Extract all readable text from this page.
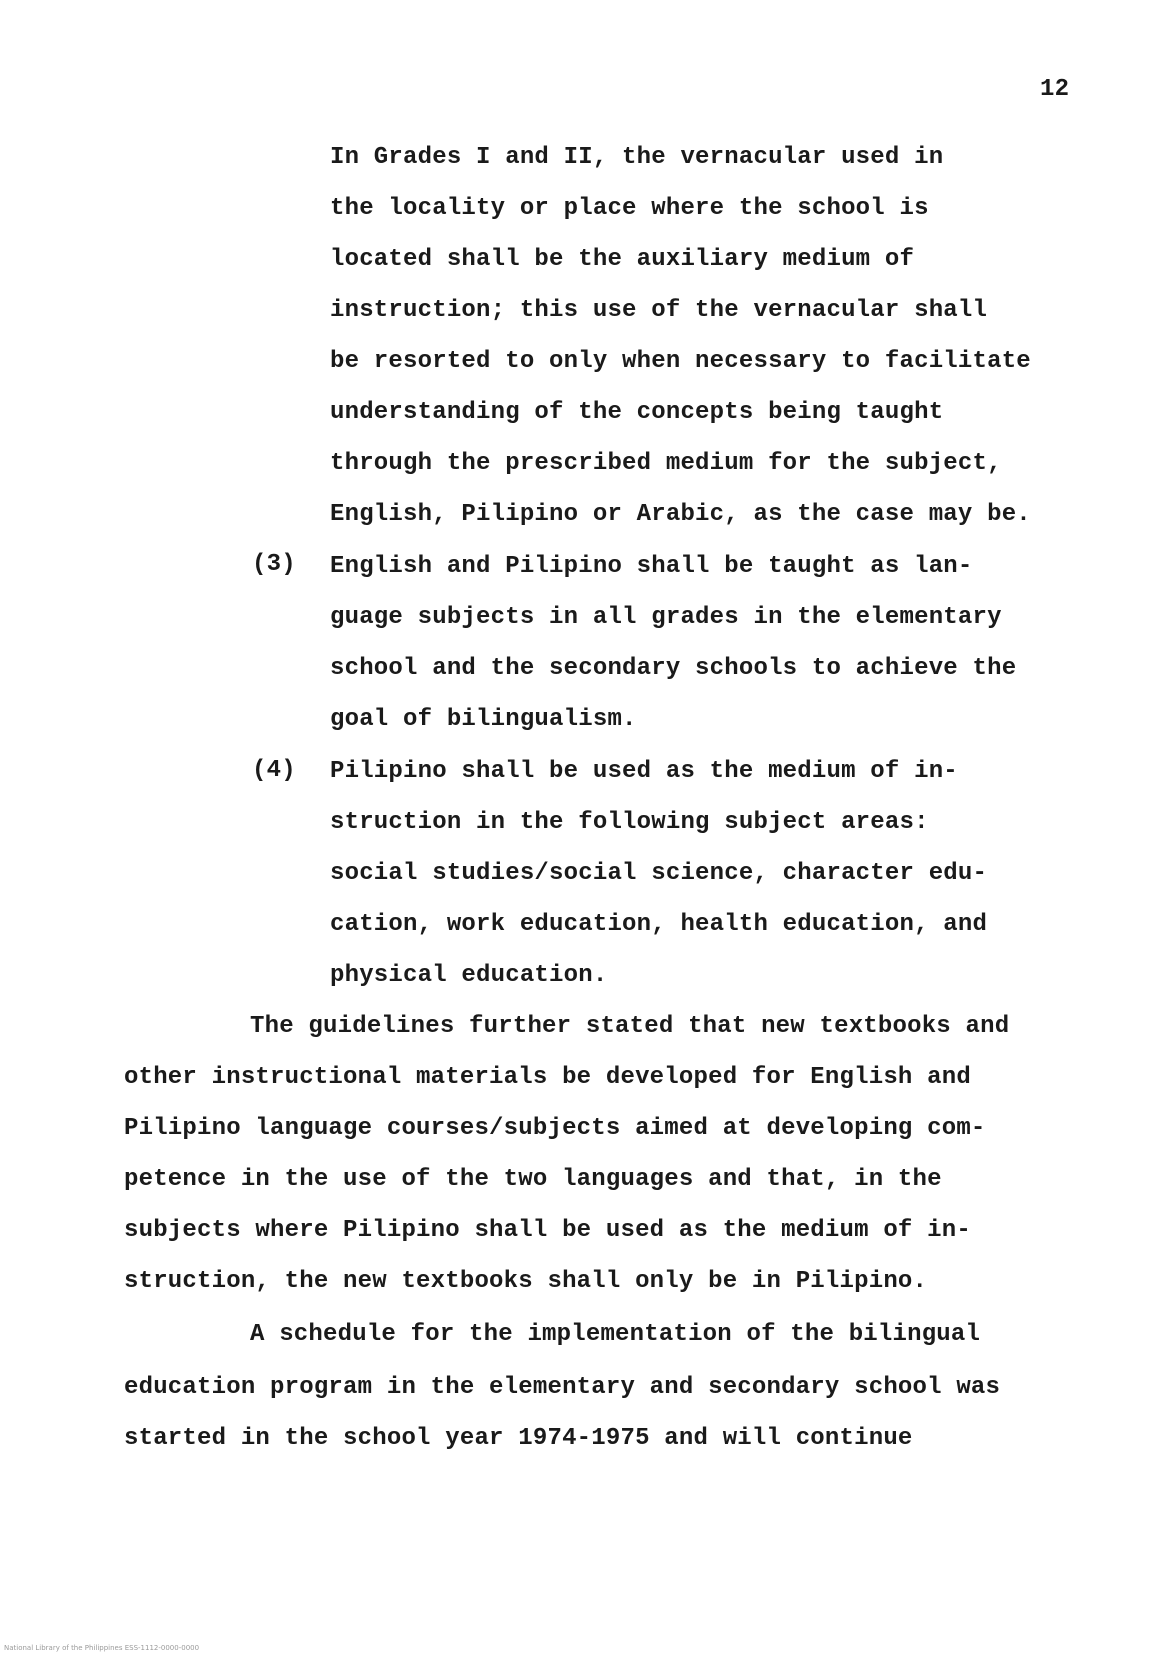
12
In Grades I and II, the vernacular used in
the locality or place where the school is
located shall be the auxiliary medium of
instruction; this use of the vernacular shall
be resorted to only when necessary to facilitate
understanding of the concepts being taught
through the prescribed medium for the subject,
English, Pilipino or Arabic, as the case may be.
(3) English and Pilipino shall be taught as lan-
guage subjects in all grades in the elementary
school and the secondary schools to achieve the
goal of bilingualism.
(4) Pilipino shall be used as the medium of in-
struction in the following subject areas:
social studies/social science, character edu-
cation, work education, health education, and
physical education.
The guidelines further stated that new textbooks and
other instructional materials be developed for English and
Pilipino language courses/subjects aimed at developing com-
petence in the use of the two languages and that, in the
subjects where Pilipino shall be used as the medium of in-
struction, the new textbooks shall only be in Pilipino.
A schedule for the implementation of the bilingual
education program in the elementary and secondary school was
started in the school year 1974-1975 and will continue
National Library of the Philippines ESS-1112-0000-0000
